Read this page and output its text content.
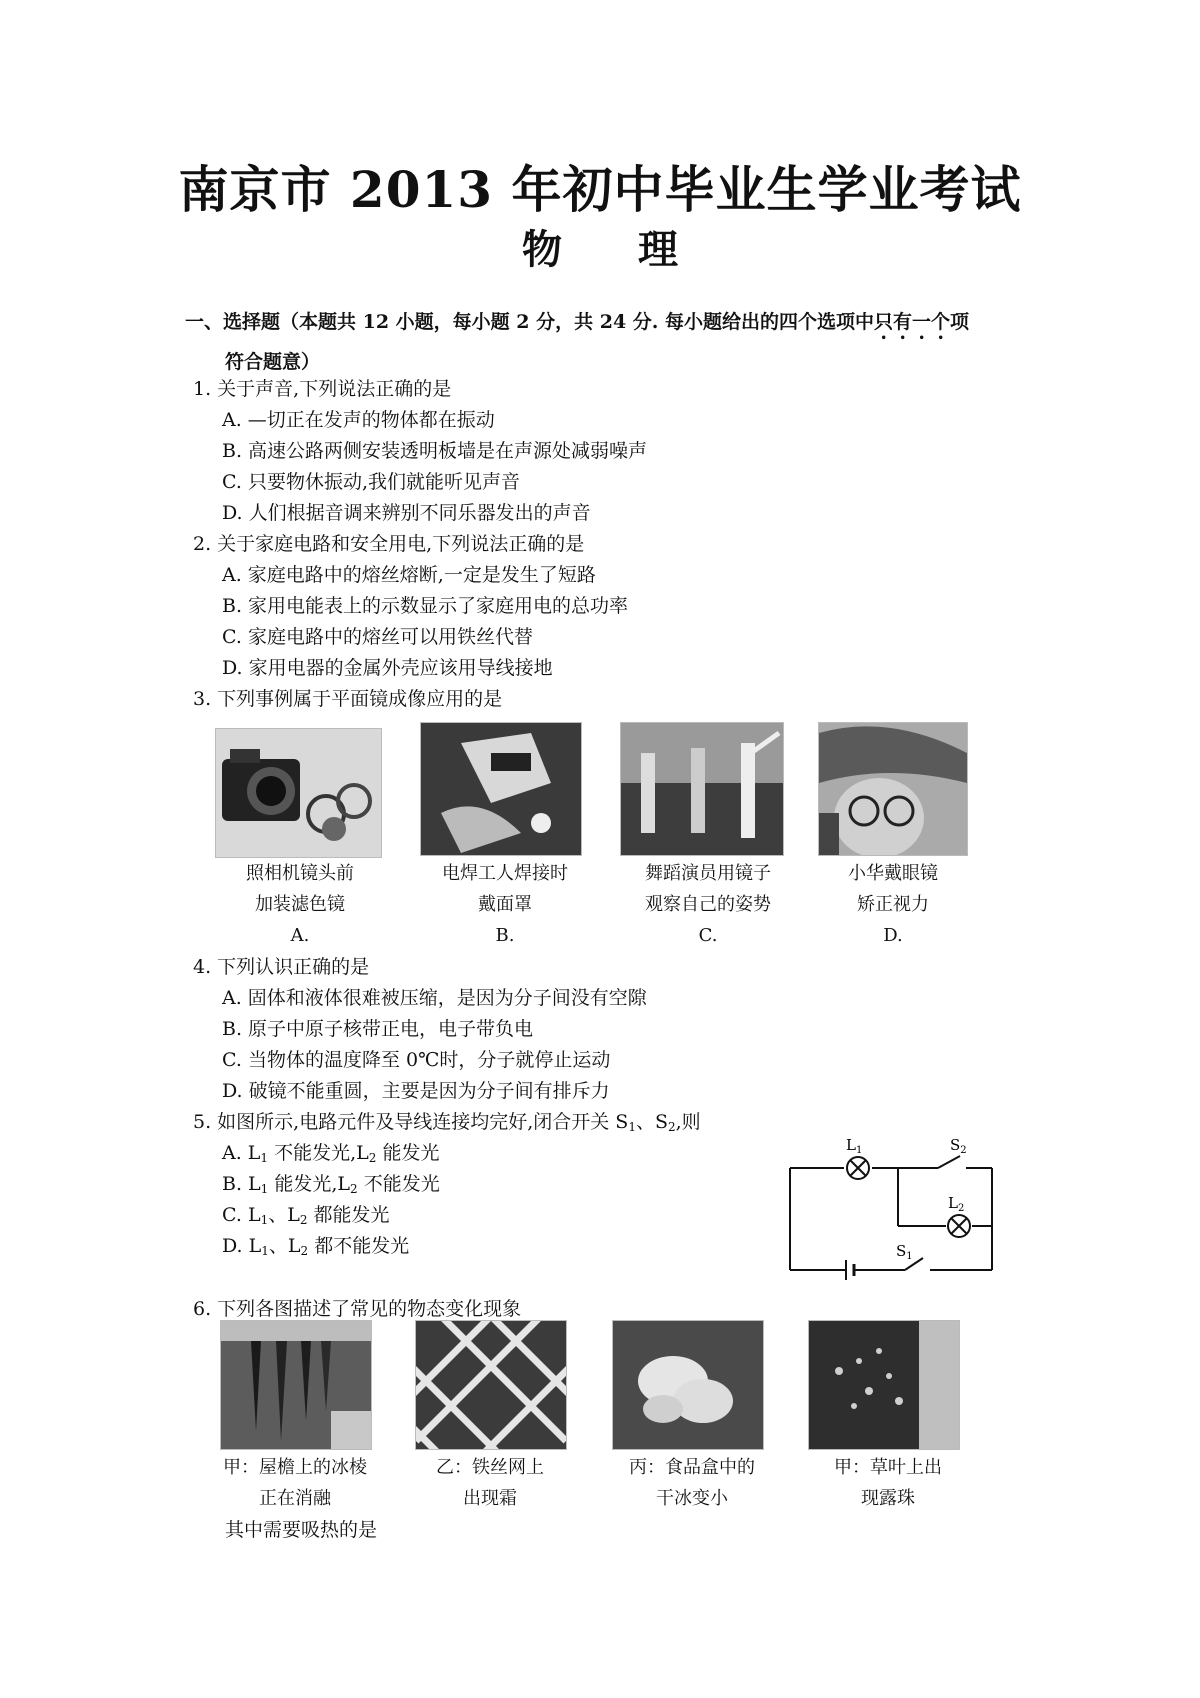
南京市 2013 年初中毕业生学业考试
物 理
一、选择题（本题共 12 小题，每小题 2 分，共 24 分. 每小题给出的四个选项中只有一个项
符合题意）
1. 关于声音,下列说法正确的是
A. —切正在发声的物体都在振动
B. 高速公路两侧安装透明板墙是在声源处减弱噪声
C. 只要物休振动,我们就能听见声音
D. 人们根据音调来辨别不同乐器发出的声音
2. 关于家庭电路和安全用电,下列说法正确的是
A. 家庭电路中的熔丝熔断,一定是发生了短路
B. 家用电能表上的示数显示了家庭用电的总功率
C. 家庭电路中的熔丝可以用铁丝代替
D. 家用电器的金属外壳应该用导线接地
3. 下列事例属于平面镜成像应用的是
照相机镜头前
加装滤色镜
A.
电焊工人焊接时
戴面罩
B.
舞蹈演员用镜子
观察自己的姿势
C.
小华戴眼镜
矫正视力
D.
4. 下列认识正确的是
A. 固体和液体很难被压缩，是因为分子间没有空隙
B. 原子中原子核带正电，电子带负电
C. 当物体的温度降至 0℃时，分子就停止运动
D. 破镜不能重圆，主要是因为分子间有排斥力
5. 如图所示,电路元件及导线连接均完好,闭合开关 $S_1$、$S_2$,则
A. $L_1$ 不能发光$,L_2$ 能发光
B. $L_1$ 能发光$,L_2$ 不能发光
C. $L_1$、$L_2$ 都能发光
D. $L_1$、$L_2$ 都不能发光
$L_1$	$S_2$
$L_2$
$S_1$
6. 下列各图描述了常见的物态变化现象
甲：屋檐上的冰棱
正在消融
乙：铁丝网上
出现霜
丙：食品盒中的
干冰变小
甲：草叶上出
现露珠
其中需要吸热的是
